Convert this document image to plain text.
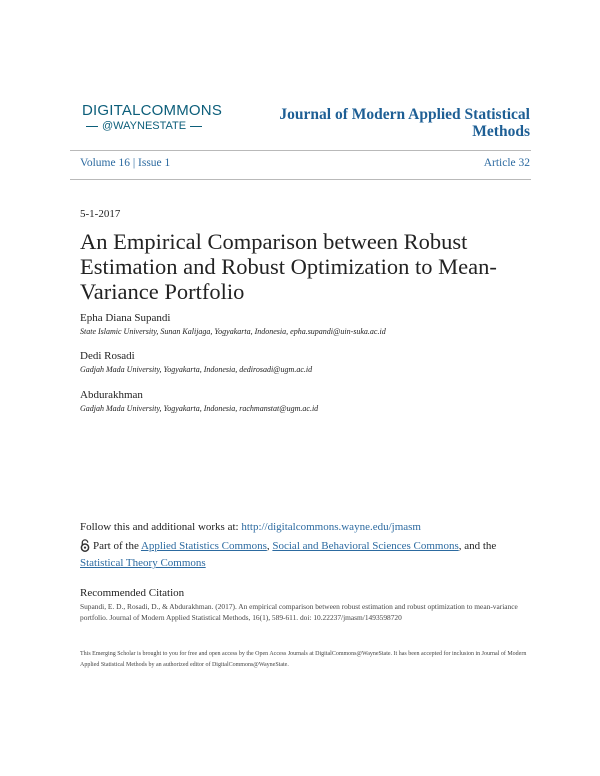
DIGITALCOMMONS
@WAYNESTATE
Journal of Modern Applied Statistical Methods
Volume 16 | Issue 1	Article 32
5-1-2017
An Empirical Comparison between Robust Estimation and Robust Optimization to Mean-Variance Portfolio
Epha Diana Supandi
State Islamic University, Sunan Kalijaga, Yogyakarta, Indonesia, epha.supandi@uin-suka.ac.id
Dedi Rosadi
Gadjah Mada University, Yogyakarta, Indonesia, dedirosadi@ugm.ac.id
Abdurakhman
Gadjah Mada University, Yogyakarta, Indonesia, rachmanstat@ugm.ac.id
Follow this and additional works at: http://digitalcommons.wayne.edu/jmasm
Part of the Applied Statistics Commons, Social and Behavioral Sciences Commons, and the Statistical Theory Commons
Recommended Citation
Supandi, E. D., Rosadi, D., & Abdurakhman. (2017). An empirical comparison between robust estimation and robust optimization to mean-variance portfolio. Journal of Modern Applied Statistical Methods, 16(1), 589-611. doi: 10.22237/jmasm/1493598720
This Emerging Scholar is brought to you for free and open access by the Open Access Journals at DigitalCommons@WayneState. It has been accepted for inclusion in Journal of Modern Applied Statistical Methods by an authorized editor of DigitalCommons@WayneState.
